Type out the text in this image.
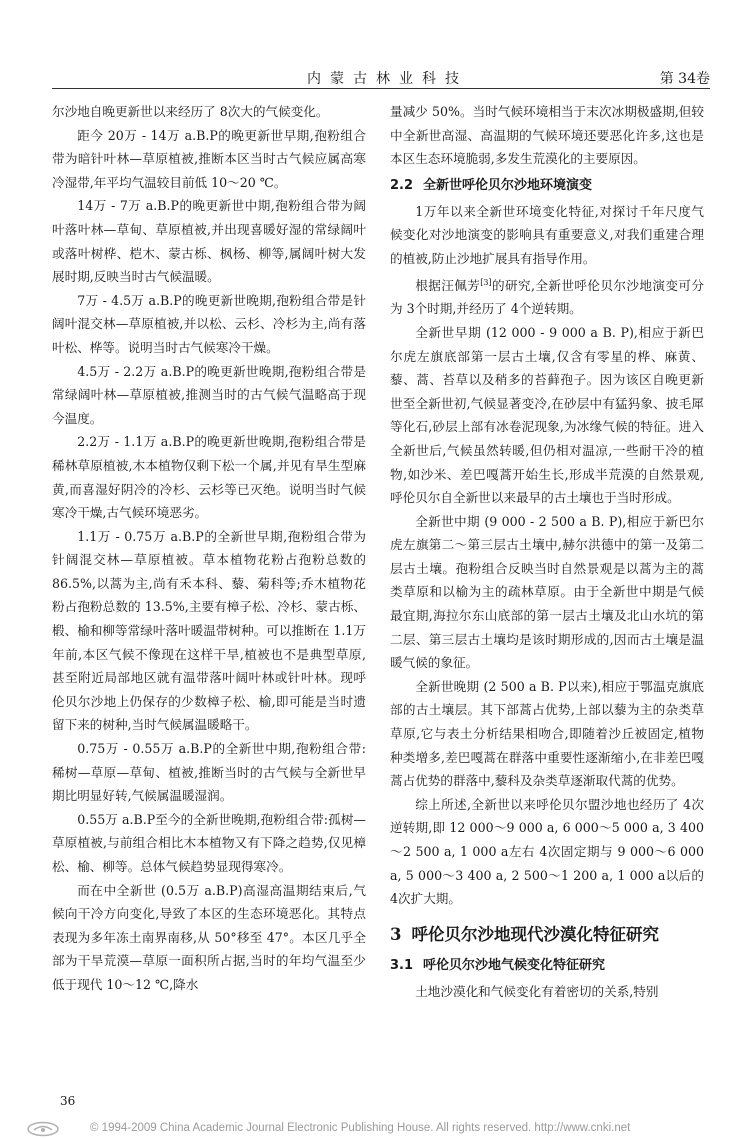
内蒙古林业科技	第 34卷

尔沙地自晚更新世以来经历了 8次大的气候变化。

距今 20万 - 14万 a.B.P的晚更新世早期,孢粉组合带为暗针叶林—草原植被,推断本区当时古气候应属高寒冷湿带,年平均气温较目前低 10～20 ℃。

14万 - 7万 a.B.P的晚更新世中期,孢粉组合带为阔叶落叶林—草甸、草原植被,并出现喜暖好湿的常绿阔叶或落叶树桦、桤木、蒙古栎、枫杨、柳等,属阔叶树大发展时期,反映当时古气候温暖。

7万 - 4.5万 a.B.P的晚更新世晚期,孢粉组合带是针阔叶混交林—草原植被,并以松、云杉、冷杉为主,尚有落叶松、桦等。说明当时古气候寒冷干燥。

4.5万 - 2.2万 a.B.P的晚更新世晚期,孢粉组合带是常绿阔叶林—草原植被,推测当时的古气候气温略高于现今温度。

2.2万 - 1.1万 a.B.P的晚更新世晚期,孢粉组合带是稀林草原植被,木本植物仅剩下松一个属,并见有旱生型麻黄,而喜湿好阴冷的冷杉、云杉等已灭绝。说明当时气候寒冷干燥,古气候环境恶劣。

1.1万 - 0.75万 a.B.P的全新世早期,孢粉组合带为针阔混交林—草原植被。草本植物花粉占孢粉总数的 86.5%,以蒿为主,尚有禾本科、藜、菊科等;乔木植物花粉占孢粉总数的 13.5%,主要有樟子松、冷杉、蒙古栎、椴、榆和柳等常绿叶落叶暖温带树种。可以推断在 1.1万年前,本区气候不像现在这样干旱,植被也不是典型草原,甚至附近局部地区就有温带落叶阔叶林或针叶林。现呼伦贝尔沙地上仍保存的少数樟子松、榆,即可能是当时遗留下来的树种,当时气候属温暖略干。

0.75万 - 0.55万 a.B.P的全新世中期,孢粉组合带:稀树—草原—草甸、植被,推断当时的古气候与全新世早期比明显好转,气候属温暖湿润。

0.55万 a.B.P至今的全新世晚期,孢粉组合带:孤树—草原植被,与前组合相比木本植物又有下降之趋势,仅见樟松、榆、柳等。总体气候趋势显现得寒冷。

而在中全新世 (0.5万 a.B.P)高湿高温期结束后,气候向干冷方向变化,导致了本区的生态环境恶化。其特点表现为多年冻土南界南移,从 50°移至 47°。本区几乎全部为干旱荒漠—草原一面积所占据,当时的年均气温至少低于现代 10～12 ℃,降水

量减少 50%。当时气候环境相当于末次冰期极盛期,但较中全新世高湿、高温期的气候环境还要恶化许多,这也是本区生态环境脆弱,多发生荒漠化的主要原因。

2.2 全新世呼伦贝尔沙地环境演变

1万年以来全新世环境变化特征,对探讨千年尺度气候变化对沙地演变的影响具有重要意义,对我们重建合理的植被,防止沙地扩展具有指导作用。

根据汪佩芳[3]的研究,全新世呼伦贝尔沙地演变可分为 3个时期,并经历了 4个逆转期。

全新世早期 (12 000 - 9 000 a B. P),相应于新巴尔虎左旗底部第一层古土壤,仅含有零星的桦、麻黄、藜、蒿、苔草以及稍多的苔藓孢子。因为该区自晚更新世至全新世初,气候显著变冷,在砂层中有猛犸象、披毛犀等化石,砂层上部有冰卷泥现象,为冰缘气候的特征。进入全新世后,气候虽然转暖,但仍相对温凉,一些耐干冷的植物,如沙米、差巴嘎蒿开始生长,形成半荒漠的自然景观,呼伦贝尔自全新世以来最早的古土壤也于当时形成。

全新世中期 (9 000 - 2 500 a B. P),相应于新巴尔虎左旗第二～第三层古土壤中,赫尔洪德中的第一及第二层古土壤。孢粉组合反映当时自然景观是以蒿为主的蒿类草原和以榆为主的疏林草原。由于全新世中期是气候最宜期,海拉尔东山底部的第一层古土壤及北山水坑的第二层、第三层古土壤均是该时期形成的,因而古土壤是温暖气候的象征。

全新世晚期 (2 500 a B. P以来),相应于鄂温克旗底部的古土壤层。其下部蒿占优势,上部以藜为主的杂类草草原,它与表土分析结果相吻合,即随着沙丘被固定,植物种类增多,差巴嘎蒿在群落中重要性逐渐缩小,在非差巴嘎蒿占优势的群落中,藜科及杂类草逐渐取代蒿的优势。

综上所述,全新世以来呼伦贝尔盟沙地也经历了 4次逆转期,即 12 000～9 000 a, 6 000～5 000 a, 3 400～2 500 a, 1 000 a左右 4次固定期与 9 000～6 000 a, 5 000～3 400 a, 2 500～1 200 a, 1 000 a以后的 4次扩大期。

3 呼伦贝尔沙地现代沙漠化特征研究
3.1 呼伦贝尔沙地气候变化特征研究

土地沙漠化和气候变化有着密切的关系,特别

36
© 1994-2009 China Academic Journal Electronic Publishing House. All rights reserved. http://www.cnki.net
